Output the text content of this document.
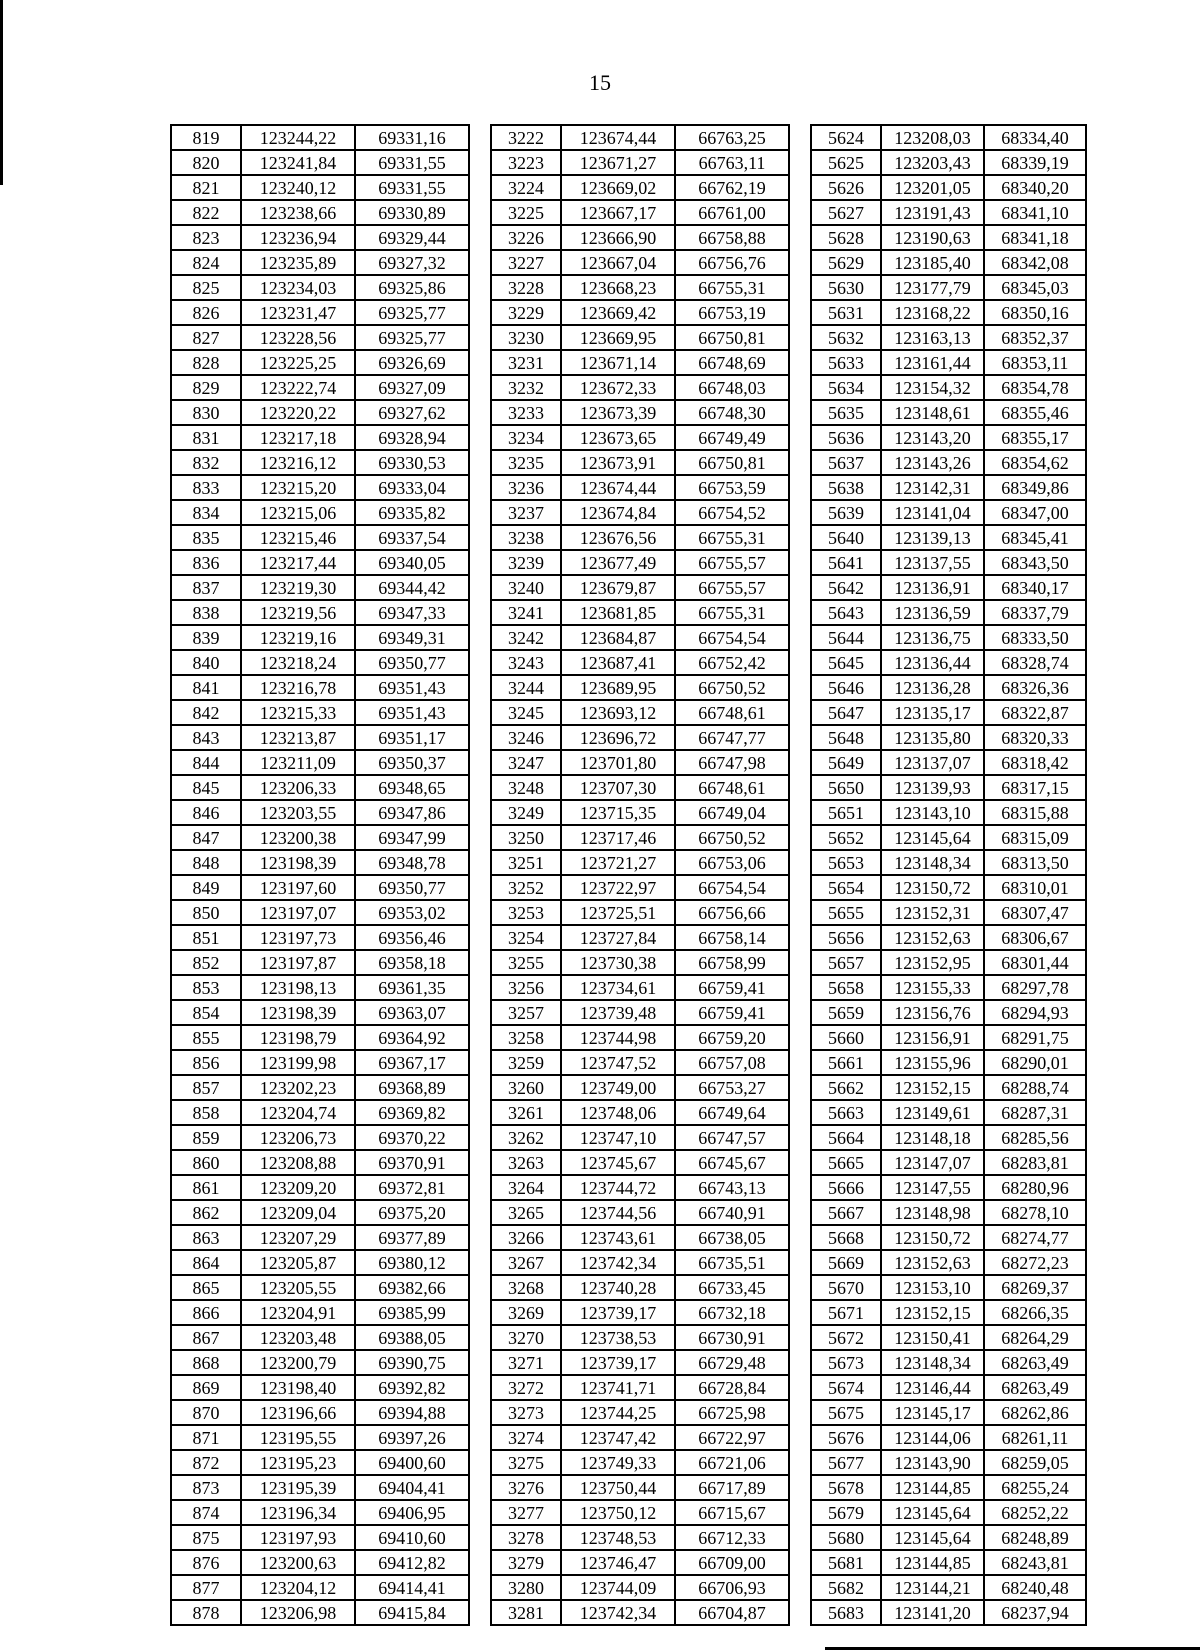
15
819	123244,22	69331,16		3222	123674,44	66763,25		5624	123208,03	68334,40
820	123241,84	69331,55		3223	123671,27	66763,11		5625	123203,43	68339,19
821	123240,12	69331,55		3224	123669,02	66762,19		5626	123201,05	68340,20
822	123238,66	69330,89		3225	123667,17	66761,00		5627	123191,43	68341,10
823	123236,94	69329,44		3226	123666,90	66758,88		5628	123190,63	68341,18
824	123235,89	69327,32		3227	123667,04	66756,76		5629	123185,40	68342,08
825	123234,03	69325,86		3228	123668,23	66755,31		5630	123177,79	68345,03
826	123231,47	69325,77		3229	123669,42	66753,19		5631	123168,22	68350,16
827	123228,56	69325,77		3230	123669,95	66750,81		5632	123163,13	68352,37
828	123225,25	69326,69		3231	123671,14	66748,69		5633	123161,44	68353,11
829	123222,74	69327,09		3232	123672,33	66748,03		5634	123154,32	68354,78
830	123220,22	69327,62		3233	123673,39	66748,30		5635	123148,61	68355,46
831	123217,18	69328,94		3234	123673,65	66749,49		5636	123143,20	68355,17
832	123216,12	69330,53		3235	123673,91	66750,81		5637	123143,26	68354,62
833	123215,20	69333,04		3236	123674,44	66753,59		5638	123142,31	68349,86
834	123215,06	69335,82		3237	123674,84	66754,52		5639	123141,04	68347,00
835	123215,46	69337,54		3238	123676,56	66755,31		5640	123139,13	68345,41
836	123217,44	69340,05		3239	123677,49	66755,57		5641	123137,55	68343,50
837	123219,30	69344,42		3240	123679,87	66755,57		5642	123136,91	68340,17
838	123219,56	69347,33		3241	123681,85	66755,31		5643	123136,59	68337,79
839	123219,16	69349,31		3242	123684,87	66754,54		5644	123136,75	68333,50
840	123218,24	69350,77		3243	123687,41	66752,42		5645	123136,44	68328,74
841	123216,78	69351,43		3244	123689,95	66750,52		5646	123136,28	68326,36
842	123215,33	69351,43		3245	123693,12	66748,61		5647	123135,17	68322,87
843	123213,87	69351,17		3246	123696,72	66747,77		5648	123135,80	68320,33
844	123211,09	69350,37		3247	123701,80	66747,98		5649	123137,07	68318,42
845	123206,33	69348,65		3248	123707,30	66748,61		5650	123139,93	68317,15
846	123203,55	69347,86		3249	123715,35	66749,04		5651	123143,10	68315,88
847	123200,38	69347,99		3250	123717,46	66750,52		5652	123145,64	68315,09
848	123198,39	69348,78		3251	123721,27	66753,06		5653	123148,34	68313,50
849	123197,60	69350,77		3252	123722,97	66754,54		5654	123150,72	68310,01
850	123197,07	69353,02		3253	123725,51	66756,66		5655	123152,31	68307,47
851	123197,73	69356,46		3254	123727,84	66758,14		5656	123152,63	68306,67
852	123197,87	69358,18		3255	123730,38	66758,99		5657	123152,95	68301,44
853	123198,13	69361,35		3256	123734,61	66759,41		5658	123155,33	68297,78
854	123198,39	69363,07		3257	123739,48	66759,41		5659	123156,76	68294,93
855	123198,79	69364,92		3258	123744,98	66759,20		5660	123156,91	68291,75
856	123199,98	69367,17		3259	123747,52	66757,08		5661	123155,96	68290,01
857	123202,23	69368,89		3260	123749,00	66753,27		5662	123152,15	68288,74
858	123204,74	69369,82		3261	123748,06	66749,64		5663	123149,61	68287,31
859	123206,73	69370,22		3262	123747,10	66747,57		5664	123148,18	68285,56
860	123208,88	69370,91		3263	123745,67	66745,67		5665	123147,07	68283,81
861	123209,20	69372,81		3264	123744,72	66743,13		5666	123147,55	68280,96
862	123209,04	69375,20		3265	123744,56	66740,91		5667	123148,98	68278,10
863	123207,29	69377,89		3266	123743,61	66738,05		5668	123150,72	68274,77
864	123205,87	69380,12		3267	123742,34	66735,51		5669	123152,63	68272,23
865	123205,55	69382,66		3268	123740,28	66733,45		5670	123153,10	68269,37
866	123204,91	69385,99		3269	123739,17	66732,18		5671	123152,15	68266,35
867	123203,48	69388,05		3270	123738,53	66730,91		5672	123150,41	68264,29
868	123200,79	69390,75		3271	123739,17	66729,48		5673	123148,34	68263,49
869	123198,40	69392,82		3272	123741,71	66728,84		5674	123146,44	68263,49
870	123196,66	69394,88		3273	123744,25	66725,98		5675	123145,17	68262,86
871	123195,55	69397,26		3274	123747,42	66722,97		5676	123144,06	68261,11
872	123195,23	69400,60		3275	123749,33	66721,06		5677	123143,90	68259,05
873	123195,39	69404,41		3276	123750,44	66717,89		5678	123144,85	68255,24
874	123196,34	69406,95		3277	123750,12	66715,67		5679	123145,64	68252,22
875	123197,93	69410,60		3278	123748,53	66712,33		5680	123145,64	68248,89
876	123200,63	69412,82		3279	123746,47	66709,00		5681	123144,85	68243,81
877	123204,12	69414,41		3280	123744,09	66706,93		5682	123144,21	68240,48
878	123206,98	69415,84		3281	123742,34	66704,87		5683	123141,20	68237,94
